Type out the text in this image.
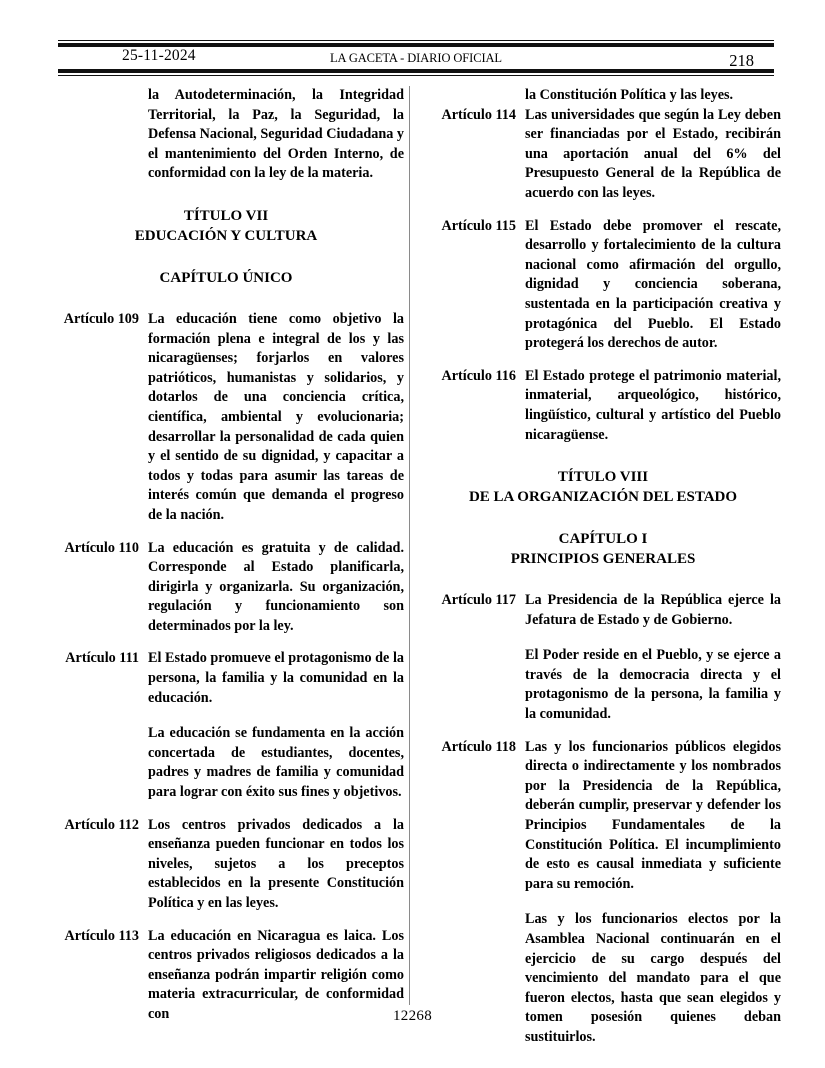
25-11-2024	LA GACETA - DIARIO OFICIAL	218
la Autodeterminación, la Integridad Territorial, la Paz, la Seguridad, la Defensa Nacional, Seguridad Ciudadana y el mantenimiento del Orden Interno, de conformidad con la ley de la materia.
TÍTULO VII
EDUCACIÓN Y CULTURA
CAPÍTULO ÚNICO
Artículo 109 La educación tiene como objetivo la formación plena e integral de los y las nicaragüenses; forjarlos en valores patrióticos, humanistas y solidarios, y dotarlos de una conciencia crítica, científica, ambiental y evolucionaria; desarrollar la personalidad de cada quien y el sentido de su dignidad, y capacitar a todos y todas para asumir las tareas de interés común que demanda el progreso de la nación.

Artículo 110 La educación es gratuita y de calidad. Corresponde al Estado planificarla, dirigirla y organizarla. Su organización, regulación y funcionamiento son determinados por la ley.

Artículo 111 El Estado promueve el protagonismo de la persona, la familia y la comunidad en la educación.

La educación se fundamenta en la acción concertada de estudiantes, docentes, padres y madres de familia y comunidad para lograr con éxito sus fines y objetivos.

Artículo 112 Los centros privados dedicados a la enseñanza pueden funcionar en todos los niveles, sujetos a los preceptos establecidos en la presente Constitución Política y en las leyes.

Artículo 113 La educación en Nicaragua es laica. Los centros privados religiosos dedicados a la enseñanza podrán impartir religión como materia extracurricular, de conformidad con

la Constitución Política y las leyes.
Artículo 114 Las universidades que según la Ley deben ser financiadas por el Estado, recibirán una aportación anual del 6% del Presupuesto General de la República de acuerdo con las leyes.

Artículo 115 El Estado debe promover el rescate, desarrollo y fortalecimiento de la cultura nacional como afirmación del orgullo, dignidad y conciencia soberana, sustentada en la participación creativa y protagónica del Pueblo. El Estado protegerá los derechos de autor.

Artículo 116 El Estado protege el patrimonio material, inmaterial, arqueológico, histórico, lingüístico, cultural y artístico del Pueblo nicaragüense.

TÍTULO VIII
DE LA ORGANIZACIÓN DEL ESTADO
CAPÍTULO I
PRINCIPIOS GENERALES
Artículo 117 La Presidencia de la República ejerce la Jefatura de Estado y de Gobierno.

El Poder reside en el Pueblo, y se ejerce a través de la democracia directa y el protagonismo de la persona, la familia y la comunidad.

Artículo 118 Las y los funcionarios públicos elegidos directa o indirectamente y los nombrados por la Presidencia de la República, deberán cumplir, preservar y defender los Principios Fundamentales de la Constitución Política. El incumplimiento de esto es causal inmediata y suficiente para su remoción.

Las y los funcionarios electos por la Asamblea Nacional continuarán en el ejercicio de su cargo después del vencimiento del mandato para el que fueron electos, hasta que sean elegidos y tomen posesión quienes deban sustituirlos.

12268
